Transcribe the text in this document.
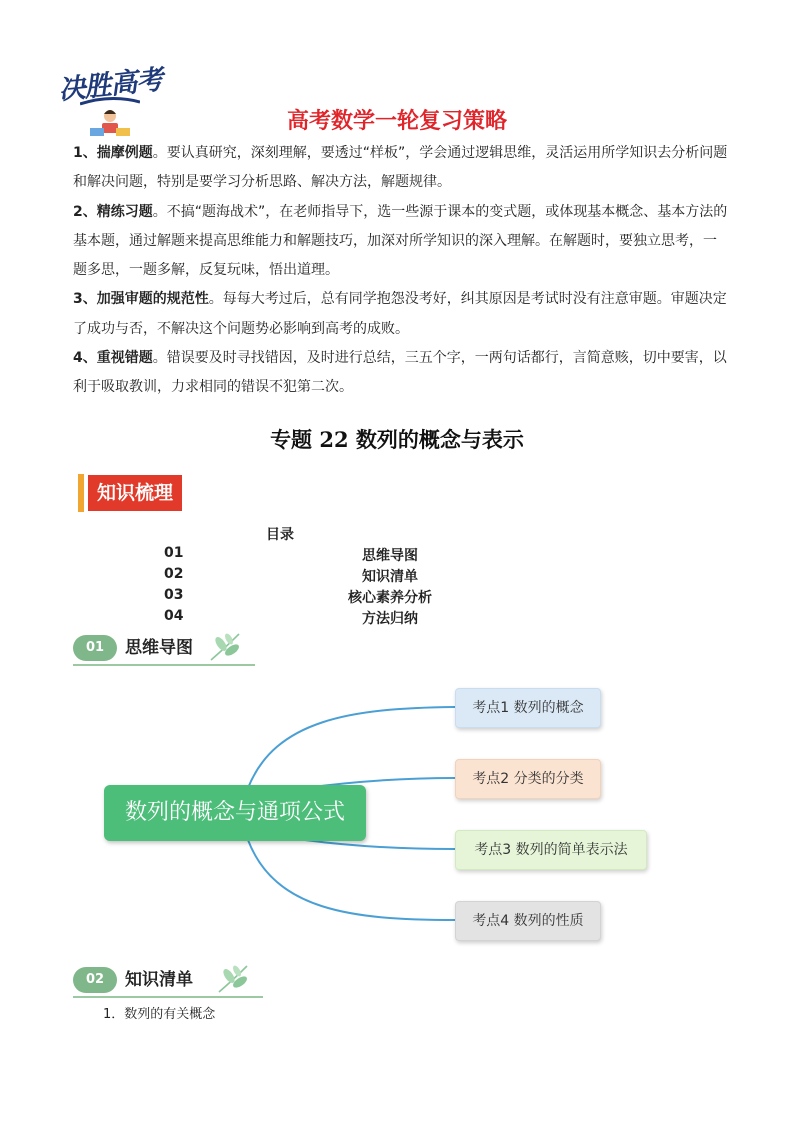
决胜高考
高考数学一轮复习策略

1、揣摩例题。要认真研究，深刻理解，要透过“样板”，学会通过逻辑思维，灵活运用所学知识去分析问题和解决问题，特别是要学习分析思路、解决方法，解题规律。

2、精练习题。不搞“题海战术”，在老师指导下，选一些源于课本的变式题，或体现基本概念、基本方法的基本题，通过解题来提高思维能力和解题技巧，加深对所学知识的深入理解。在解题时，要独立思考，一题多思，一题多解，反复玩味，悟出道理。

3、加强审题的规范性。每每大考过后，总有同学抱怨没考好，纠其原因是考试时没有注意审题。审题决定了成功与否，不解决这个问题势必影响到高考的成败。

4、重视错题。错误要及时寻找错因，及时进行总结，三五个字，一两句话都行，言简意赅，切中要害，以利于吸取教训，力求相同的错误不犯第二次。

专题 22 数列的概念与表示
知识梳理
目录
01	思维导图
02	知识清单
03	核心素养分析
04	方法归纳
01	思维导图
数列的概念与通项公式
考点1 数列的概念
考点2 分类的分类
考点3 数列的简单表示法
考点4 数列的性质
02	知识清单
1．数列的有关概念
